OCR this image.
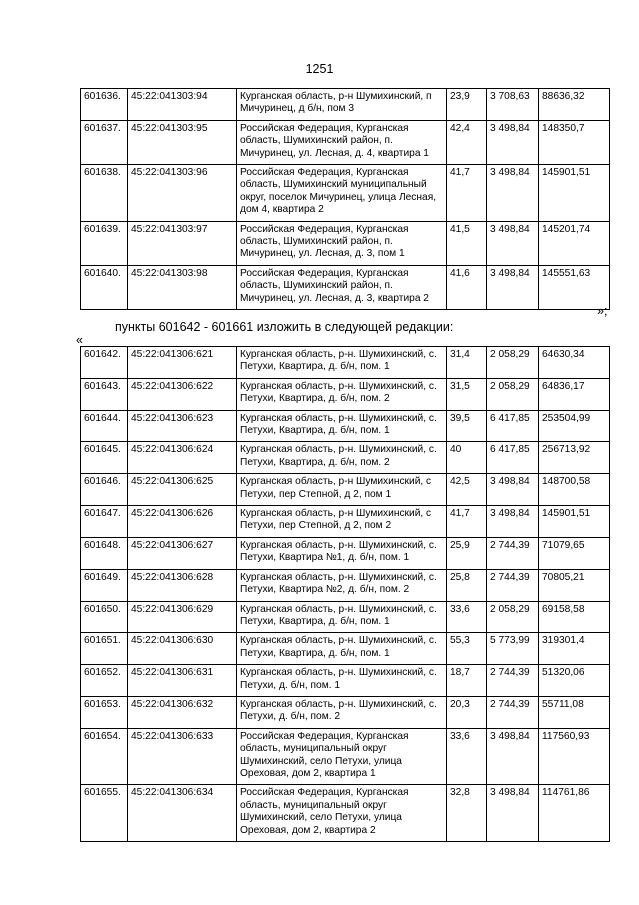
1251
601636.	45:22:041303:94	Курганская область, р-н Шумихинский, п Мичуринец, д б/н, пом 3	23,9	3 708,63	88636,32
601637.	45:22:041303:95	Российская Федерация, Курганская область, Шумихинский район, п. Мичуринец, ул. Лесная, д. 4, квартира 1	42,4	3 498,84	148350,7
601638.	45:22:041303:96	Российская Федерация, Курганская область, Шумихинский муниципальный округ, поселок Мичуринец, улица Лесная, дом 4, квартира 2	41,7	3 498,84	145901,51
601639.	45:22:041303:97	Российская Федерация, Курганская область, Шумихинский район, п. Мичуринец, ул. Лесная, д. 3, пом 1	41,5	3 498,84	145201,74
601640.	45:22:041303:98	Российская Федерация, Курганская область, Шумихинский район, п. Мичуринец, ул. Лесная, д. 3, квартира 2	41,6	3 498,84	145551,63
»;
пункты 601642 - 601661 изложить в следующей редакции:
«
601642.	45:22:041306:621	Курганская область, р-н. Шумихинский, с. Петухи, Квартира, д. б/н, пом. 1	31,4	2 058,29	64630,34
601643.	45:22:041306:622	Курганская область, р-н. Шумихинский, с. Петухи, Квартира, д. б/н, пом. 2	31,5	2 058,29	64836,17
601644.	45:22:041306:623	Курганская область, р-н. Шумихинский, с. Петухи, Квартира, д. б/н, пом. 1	39,5	6 417,85	253504,99
601645.	45:22:041306:624	Курганская область, р-н. Шумихинский, с. Петухи, Квартира, д. б/н, пом. 2	40	6 417,85	256713,92
601646.	45:22:041306:625	Курганская область, р-н Шумихинский, с Петухи, пер Степной, д 2, пом 1	42,5	3 498,84	148700,58
601647.	45:22:041306:626	Курганская область, р-н Шумихинский, с Петухи, пер Степной, д 2, пом 2	41,7	3 498,84	145901,51
601648.	45:22:041306:627	Курганская область, р-н. Шумихинский, с. Петухи, Квартира №1, д. б/н, пом. 1	25,9	2 744,39	71079,65
601649.	45:22:041306:628	Курганская область, р-н. Шумихинский, с. Петухи, Квартира №2, д. б/н, пом. 2	25,8	2 744,39	70805,21
601650.	45:22:041306:629	Курганская область, р-н. Шумихинский, с. Петухи, Квартира, д. б/н, пом. 1	33,6	2 058,29	69158,58
601651.	45:22:041306:630	Курганская область, р-н. Шумихинский, с. Петухи, Квартира, д. б/н, пом. 1	55,3	5 773,99	319301,4
601652.	45:22:041306:631	Курганская область, р-н. Шумихинский, с. Петухи, д. б/н, пом. 1	18,7	2 744,39	51320,06
601653.	45:22:041306:632	Курганская область, р-н. Шумихинский, с. Петухи, д. б/н, пом. 2	20,3	2 744,39	55711,08
601654.	45:22:041306:633	Российская Федерация, Курганская область, муниципальный округ Шумихинский, село Петухи, улица Ореховая, дом 2, квартира 1	33,6	3 498,84	117560,93
601655.	45:22:041306:634	Российская Федерация, Курганская область, муниципальный округ Шумихинский, село Петухи, улица Ореховая, дом 2, квартира 2	32,8	3 498,84	114761,86
